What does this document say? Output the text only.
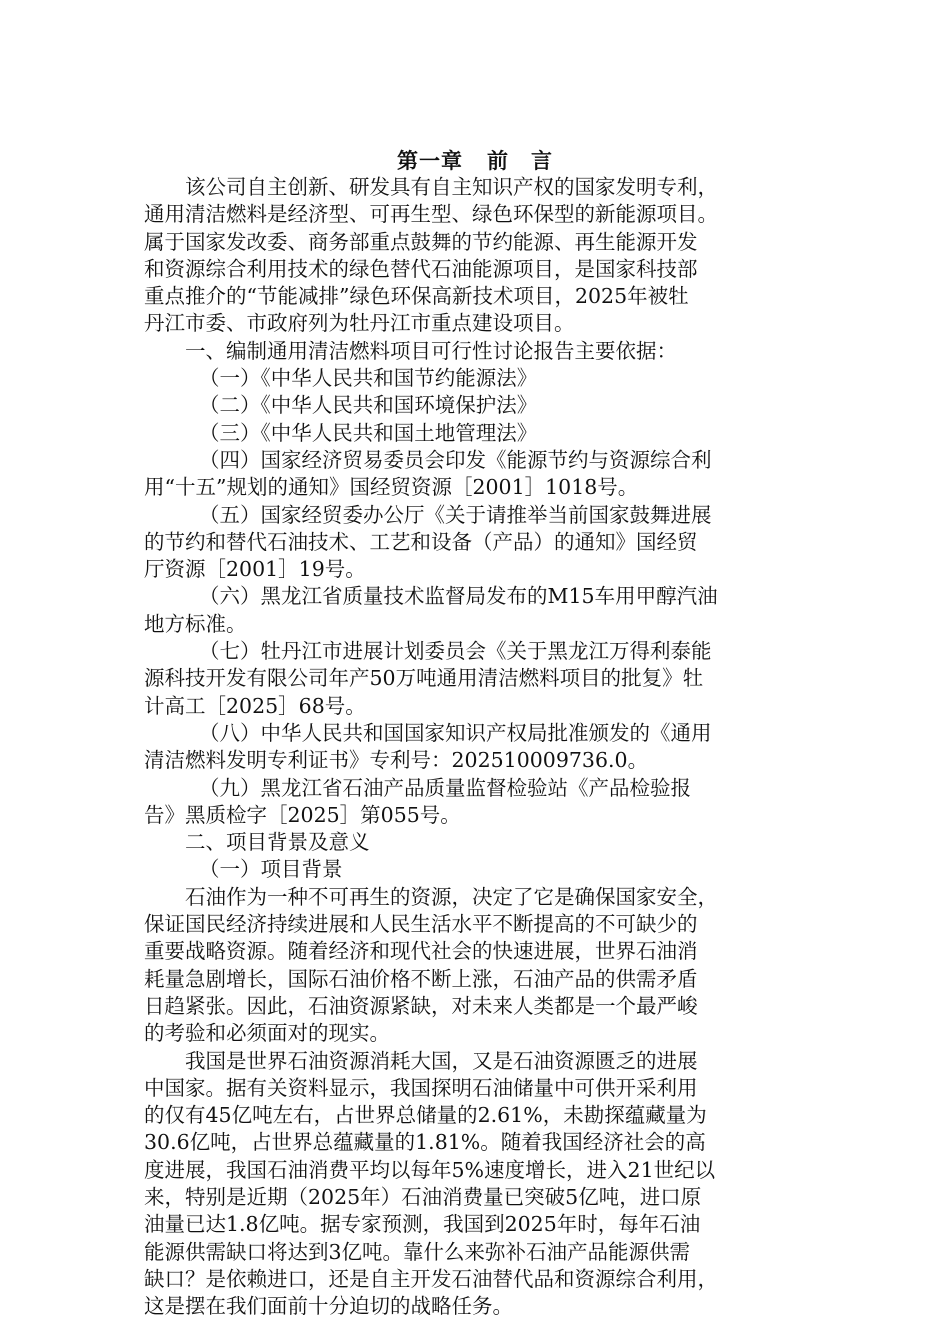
第一章 前　言

该公司自主创新、研发具有自主知识产权的国家发明专利，

通用清洁燃料是经济型、可再生型、绿色环保型的新能源项目。

属于国家发改委、商务部重点鼓舞的节约能源、再生能源开发

和资源综合利用技术的绿色替代石油能源项目，是国家科技部

重点推介的“节能减排”绿色环保高新技术项目，2025年被牡

丹江市委、市政府列为牡丹江市重点建设项目。

一、编制通用清洁燃料项目可行性讨论报告主要依据：

（一）《中华人民共和国节约能源法》

（二）《中华人民共和国环境保护法》

（三）《中华人民共和国土地管理法》

（四）国家经济贸易委员会印发《能源节约与资源综合利

用“十五”规划的通知》国经贸资源［2001］1018号。

（五）国家经贸委办公厅《关于请推举当前国家鼓舞进展

的节约和替代石油技术、工艺和设备（产品）的通知》国经贸

厅资源［2001］19号。

（六）黑龙江省质量技术监督局发布的M15车用甲醇汽油

地方标准。

（七）牡丹江市进展计划委员会《关于黑龙江万得利泰能

源科技开发有限公司年产50万吨通用清洁燃料项目的批复》牡

计高工［2025］68号。

（八）中华人民共和国国家知识产权局批准颁发的《通用

清洁燃料发明专利证书》专利号：202510009736.0。

（九）黑龙江省石油产品质量监督检验站《产品检验报

告》黑质检字［2025］第055号。

二、项目背景及意义

（一）项目背景

石油作为一种不可再生的资源，决定了它是确保国家安全，

保证国民经济持续进展和人民生活水平不断提高的不可缺少的

重要战略资源。随着经济和现代社会的快速进展，世界石油消

耗量急剧增长，国际石油价格不断上涨，石油产品的供需矛盾

日趋紧张。因此，石油资源紧缺，对未来人类都是一个最严峻

的考验和必须面对的现实。

我国是世界石油资源消耗大国，又是石油资源匮乏的进展

中国家。据有关资料显示，我国探明石油储量中可供开采利用

的仅有45亿吨左右，占世界总储量的2.61%，未勘探蕴藏量为

30.6亿吨，占世界总蕴藏量的1.81%。随着我国经济社会的高

度进展，我国石油消费平均以每年5%速度增长，进入21世纪以

来，特别是近期（2025年）石油消费量已突破5亿吨，进口原

油量已达1.8亿吨。据专家预测，我国到2025年时，每年石油

能源供需缺口将达到3亿吨。靠什么来弥补石油产品能源供需

缺口？是依赖进口，还是自主开发石油替代品和资源综合利用，

这是摆在我们面前十分迫切的战略任务。
